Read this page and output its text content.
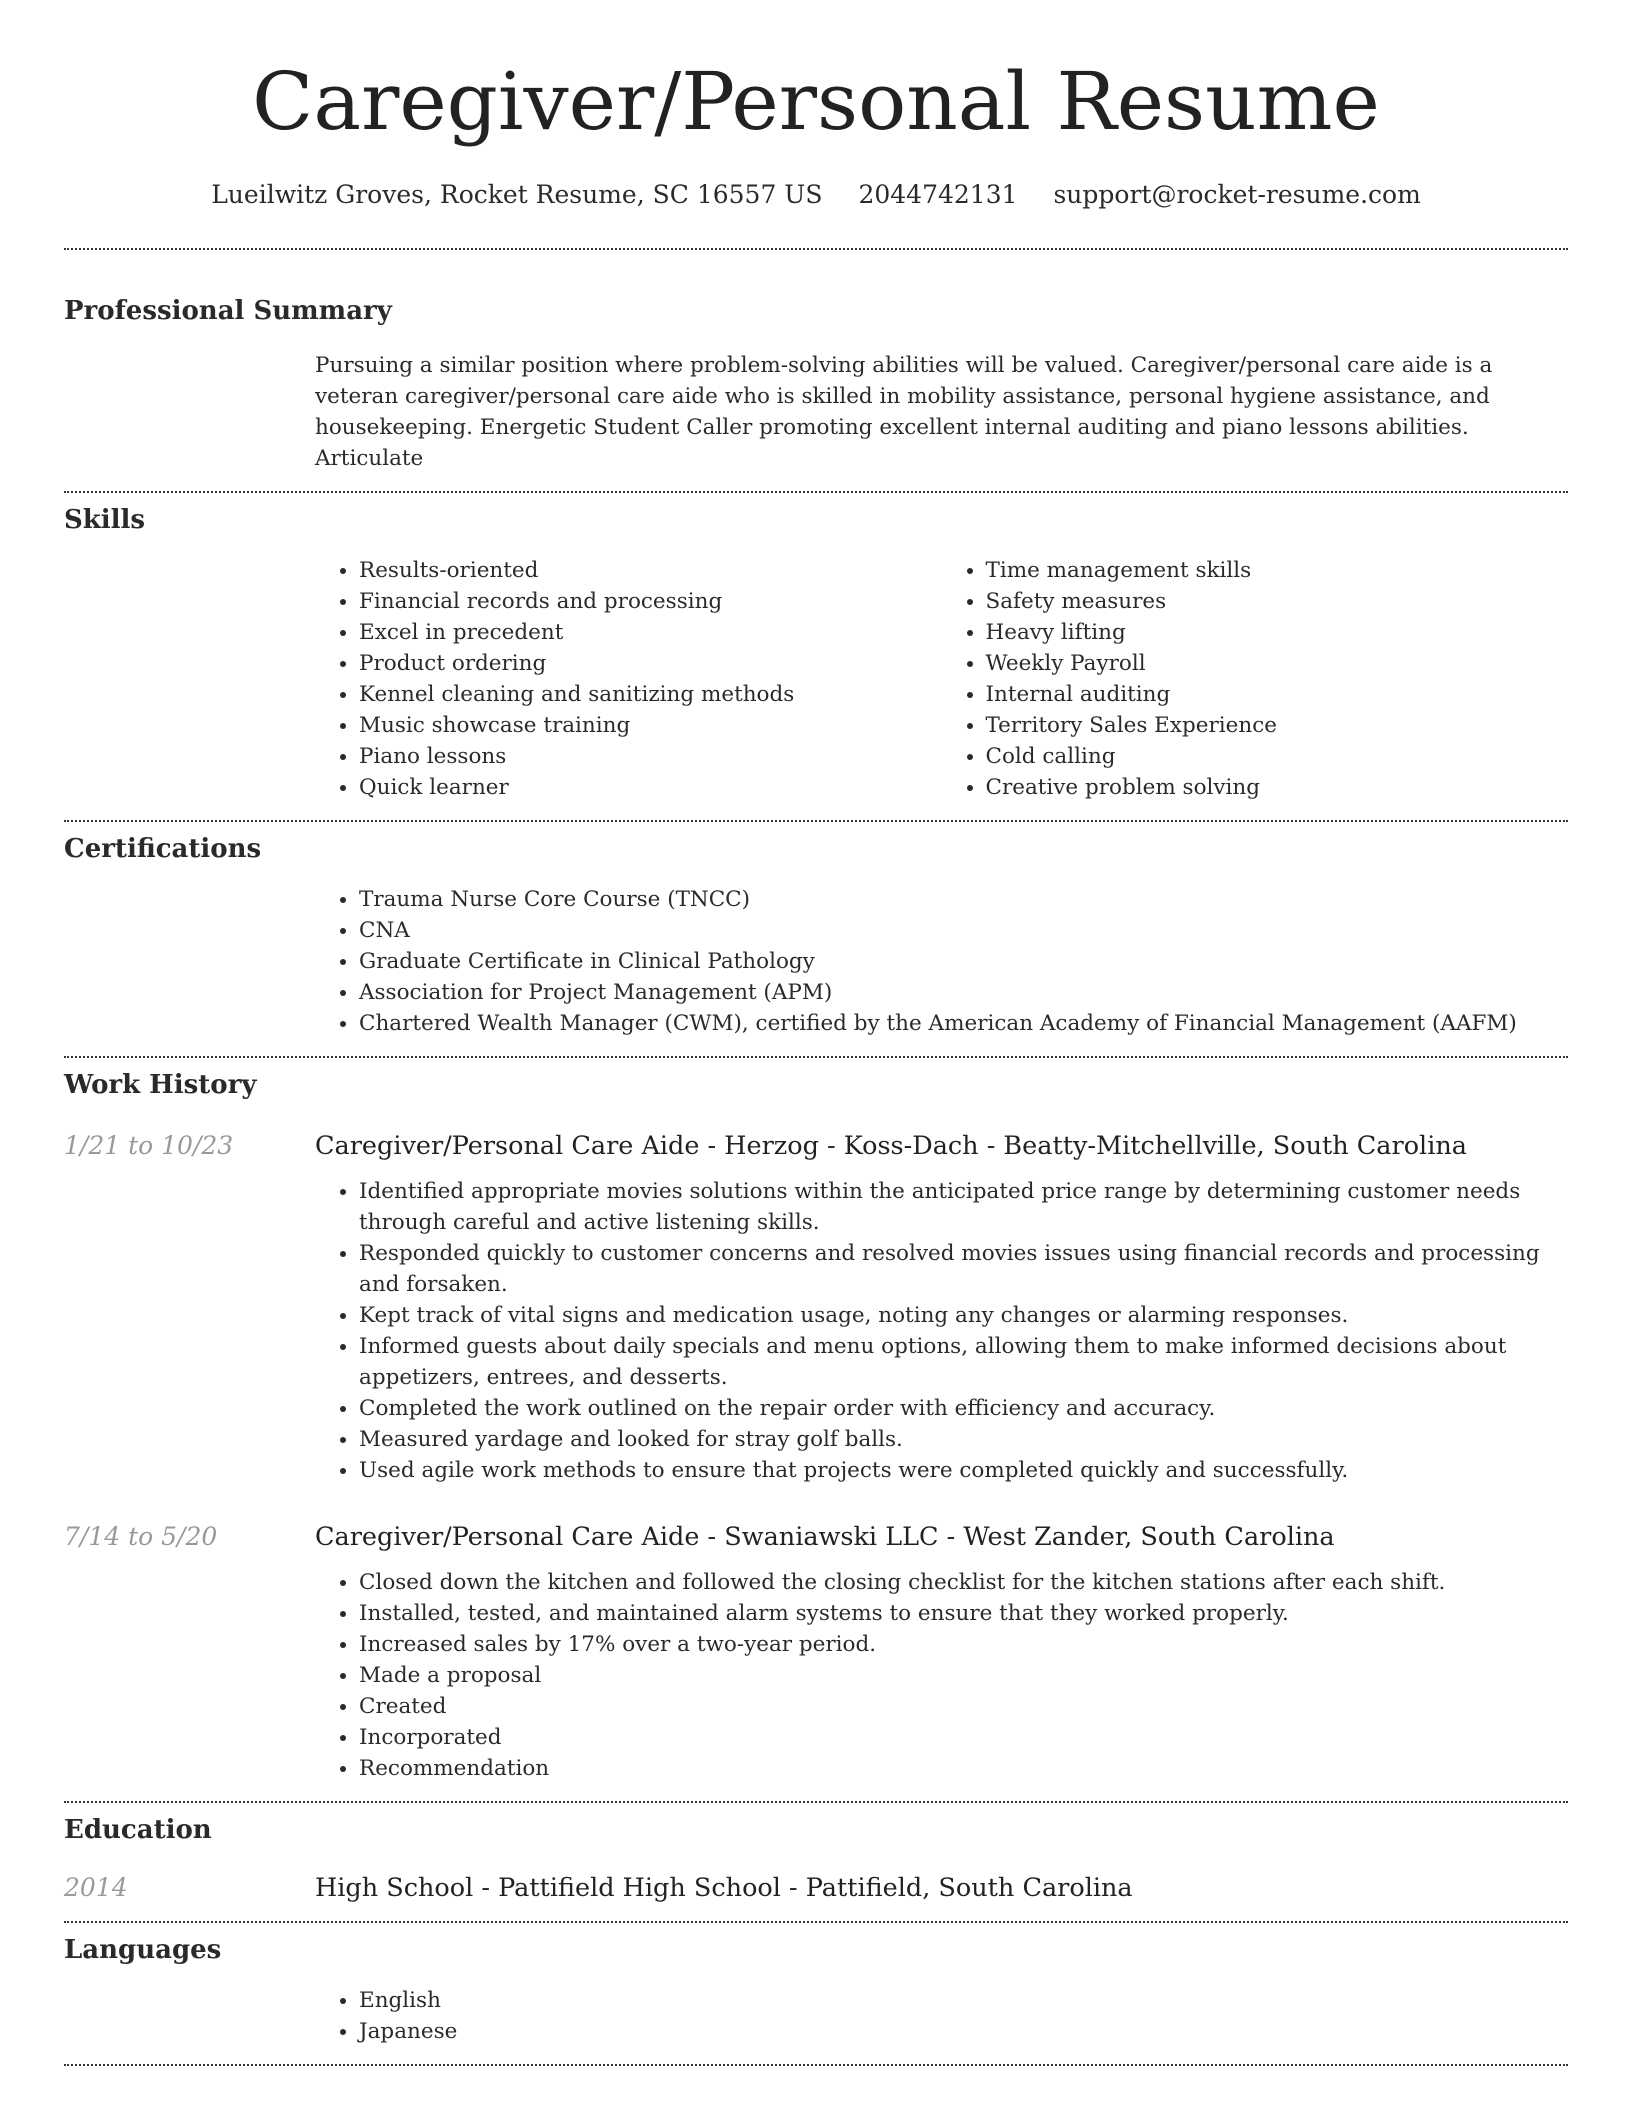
Caregiver/Personal Resume
Lueilwitz Groves, Rocket Resume, SC 16557 US 2044742131 support@rocket-resume.com
Professional Summary

Pursuing a similar position where problem-solving abilities will be valued. Caregiver/personal care aide is a veteran caregiver/personal care aide who is skilled in mobility assistance, personal hygiene assistance, and housekeeping. Energetic Student Caller promoting excellent internal auditing and piano lessons abilities. Articulate

Skills
• Results-oriented
• Financial records and processing
• Excel in precedent
• Product ordering
• Kennel cleaning and sanitizing methods
• Music showcase training
• Piano lessons
• Quick learner
• Time management skills
• Safety measures
• Heavy lifting
• Weekly Payroll
• Internal auditing
• Territory Sales Experience
• Cold calling
• Creative problem solving
Certifications
• Trauma Nurse Core Course (TNCC)
• CNA
• Graduate Certificate in Clinical Pathology
• Association for Project Management (APM)
• Chartered Wealth Manager (CWM), certified by the American Academy of Financial Management (AAFM)
Work History
1/21 to 10/23	Caregiver/Personal Care Aide - Herzog - Koss-Dach - Beatty-Mitchellville, South Carolina
• Identified appropriate movies solutions within the anticipated price range by determining customer needs through careful and active listening skills.
• Responded quickly to customer concerns and resolved movies issues using financial records and processing and forsaken.
• Kept track of vital signs and medication usage, noting any changes or alarming responses.
• Informed guests about daily specials and menu options, allowing them to make informed decisions about appetizers, entrees, and desserts.
• Completed the work outlined on the repair order with efficiency and accuracy.
• Measured yardage and looked for stray golf balls.
• Used agile work methods to ensure that projects were completed quickly and successfully.
7/14 to 5/20	Caregiver/Personal Care Aide - Swaniawski LLC - West Zander, South Carolina
• Closed down the kitchen and followed the closing checklist for the kitchen stations after each shift.
• Installed, tested, and maintained alarm systems to ensure that they worked properly.
• Increased sales by 17% over a two-year period.
• Made a proposal
• Created
• Incorporated
• Recommendation
Education
2014	High School - Pattifield High School - Pattifield, South Carolina
Languages
• English
• Japanese
